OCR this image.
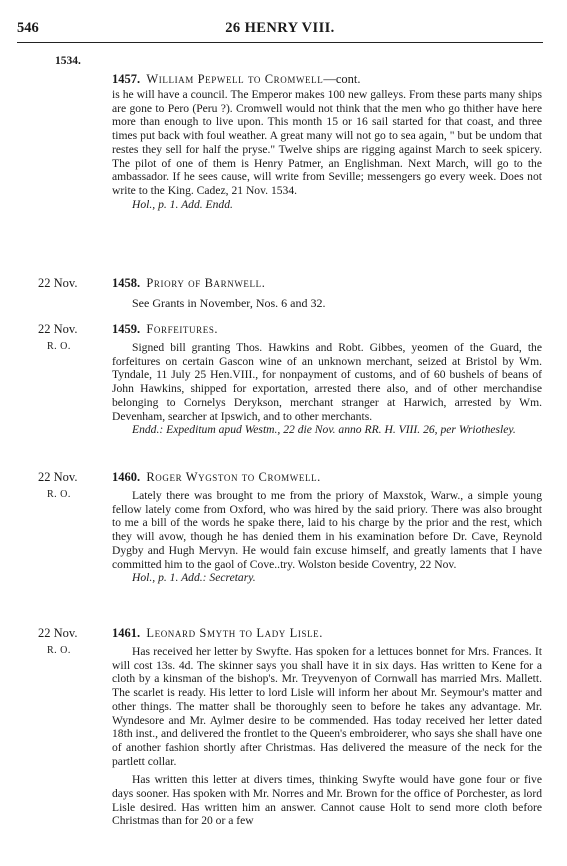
546	26 HENRY VIII.
1534.
1457. William Pepwell to Cromwell—cont.
is he will have a council. The Emperor makes 100 new galleys. From these parts many ships are gone to Pero (Peru ?). Cromwell would not think that the men who go thither have here more than enough to live upon. This month 15 or 16 sail started for that coast, and three times put back with foul weather. A great many will not go to sea again, " but be undom that restes they sell for half the pryse." Twelve ships are rigging against March to seek spicery. The pilot of one of them is Henry Patmer, an Englishman. Next March, will go to the ambassador. If he sees cause, will write from Seville; messengers go every week. Does not write to the King. Cadez, 21 Nov. 1534.
Hol., p. 1. Add. Endd.
22 Nov.	1458. Priory of Barnwell.
See Grants in November, Nos. 6 and 32.
22 Nov.
R. O.
1459. Forfeitures.
Signed bill granting Thos. Hawkins and Robt. Gibbes, yeomen of the Guard, the forfeitures on certain Gascon wine of an unknown merchant, seized at Bristol by Wm. Tyndale, 11 July 25 Hen.VIII., for nonpayment of customs, and of 60 bushels of beans of John Hawkins, shipped for exportation, arrested there also, and of other merchandise belonging to Cornelys Derykson, merchant stranger at Harwich, arrested by Wm. Devenham, searcher at Ipswich, and to other merchants.
Endd.: Expeditum apud Westm., 22 die Nov. anno RR. H. VIII. 26, per Wriothesley.
22 Nov.
R. O.
1460. Roger Wygston to Cromwell.
Lately there was brought to me from the priory of Maxstok, Warw., a simple young fellow lately come from Oxford, who was hired by the said priory. There was also brought to me a bill of the words he spake there, laid to his charge by the prior and the rest, which they will avow, though he has denied them in his examination before Dr. Cave, Reynold Dygby and Hugh Mervyn. He would fain excuse himself, and greatly laments that I have committed him to the gaol of Cove..try. Wolston beside Coventry, 22 Nov.
Hol., p. 1. Add.: Secretary.
22 Nov.
R. O.
1461. Leonard Smyth to Lady Lisle.
Has received her letter by Swyfte. Has spoken for a lettuces bonnet for Mrs. Frances. It will cost 13s. 4d. The skinner says you shall have it in six days. Has written to Kene for a cloth by a kinsman of the bishop's. Mr. Treyvenyon of Cornwall has married Mrs. Mallett. The scarlet is ready. His letter to lord Lisle will inform her about Mr. Seymour's matter and other things. The matter shall be thoroughly seen to before he takes any advantage. Mr. Wyndesore and Mr. Aylmer desire to be commended. Has today received her letter dated 18th inst., and delivered the frontlet to the Queen's embroiderer, who says she shall have one of another fashion shortly after Christmas. Has delivered the measure of the neck for the partlett collar.
Has written this letter at divers times, thinking Swyfte would have gone four or five days sooner. Has spoken with Mr. Norres and Mr. Brown for the office of Porchester, as lord Lisle desired. Has written him an answer. Cannot cause Holt to send more cloth before Christmas than for 20 or a few
